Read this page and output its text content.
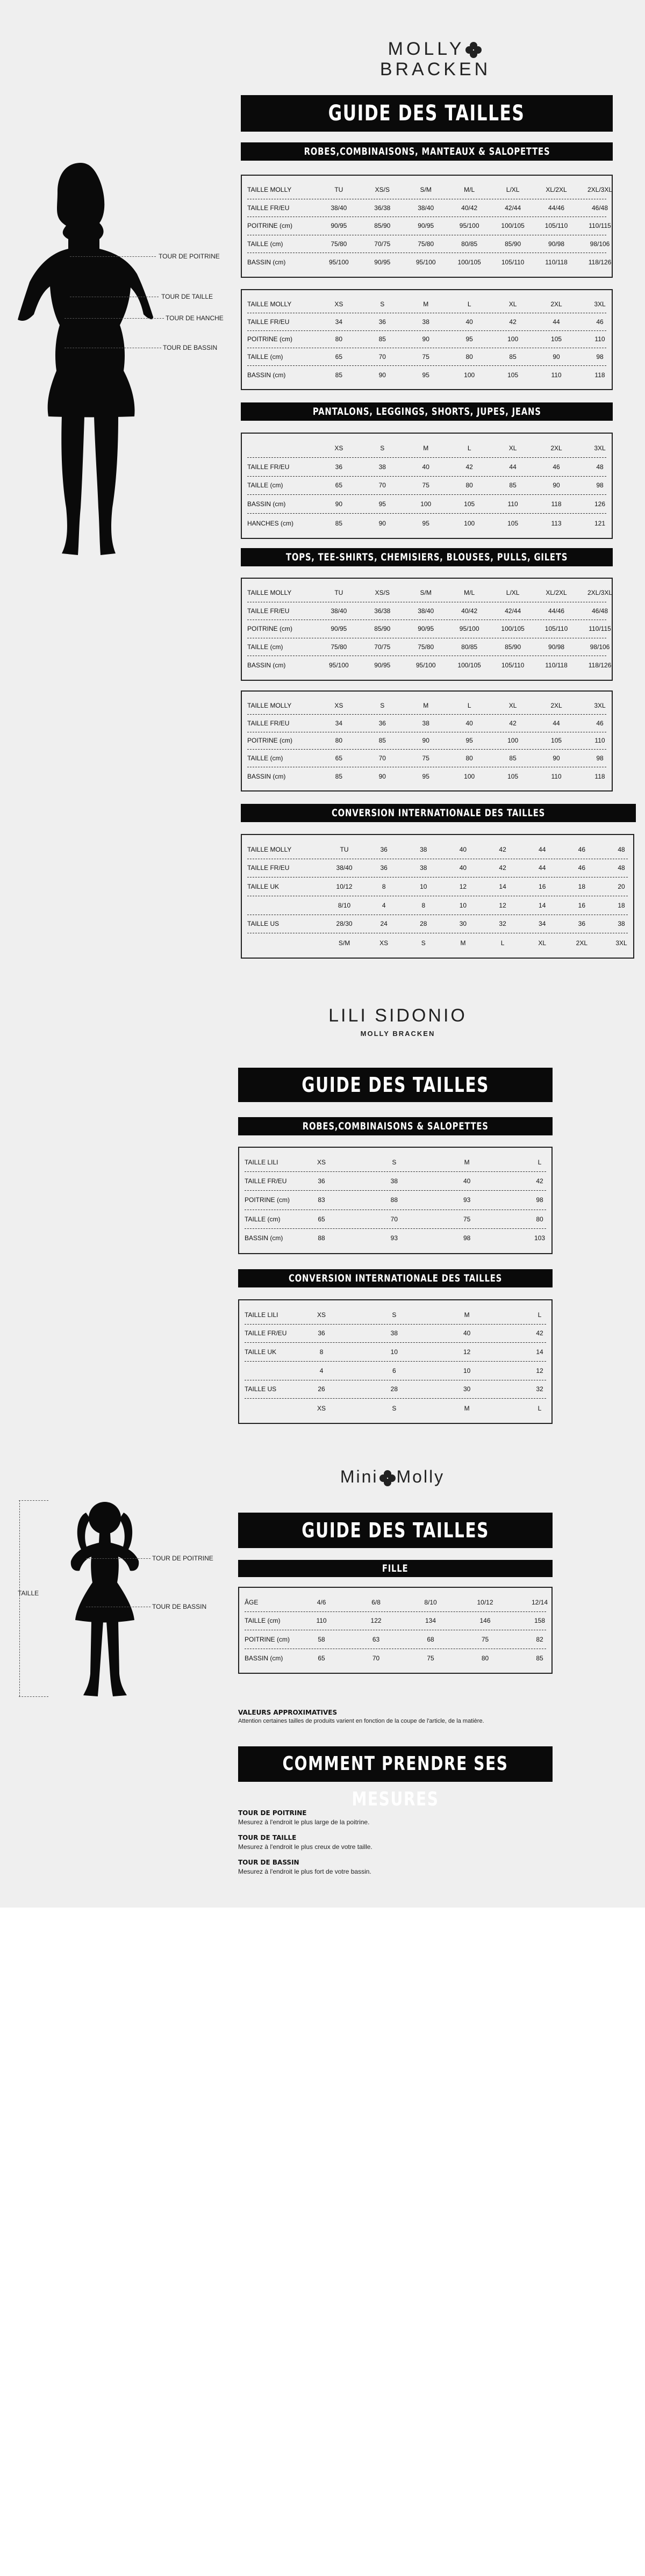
MOLLY
BRACKEN
GUIDE DES TAILLES
TOUR DE POITRINE
TOUR DE TAILLE
TOUR DE HANCHE
TOUR DE BASSIN
ROBES,COMBINAISONS, MANTEAUX & SALOPETTES
TAILLE MOLLY	TU	XS/S	S/M	M/L	L/XL	XL/2XL	2XL/3XL
TAILLE FR/EU	38/40	36/38	38/40	40/42	42/44	44/46	46/48
POITRINE (cm)	90/95	85/90	90/95	95/100	100/105	105/110	110/115
TAILLE (cm)	75/80	70/75	75/80	80/85	85/90	90/98	98/106
BASSIN (cm)	95/100	90/95	95/100	100/105	105/110	110/118	118/126
TAILLE MOLLY	XS	S	M	L	XL	2XL	3XL
TAILLE FR/EU	34	36	38	40	42	44	46
POITRINE (cm)	80	85	90	95	100	105	110
TAILLE (cm)	65	70	75	80	85	90	98
BASSIN (cm)	85	90	95	100	105	110	118
PANTALONS, LEGGINGS, SHORTS, JUPES, JEANS
XS	S	M	L	XL	2XL	3XL
TAILLE FR/EU	36	38	40	42	44	46	48
TAILLE (cm)	65	70	75	80	85	90	98
BASSIN (cm)	90	95	100	105	110	118	126
HANCHES (cm)	85	90	95	100	105	113	121
TOPS, TEE-SHIRTS, CHEMISIERS, BLOUSES, PULLS, GILETS
TAILLE MOLLY	TU	XS/S	S/M	M/L	L/XL	XL/2XL	2XL/3XL
TAILLE FR/EU	38/40	36/38	38/40	40/42	42/44	44/46	46/48
POITRINE (cm)	90/95	85/90	90/95	95/100	100/105	105/110	110/115
TAILLE (cm)	75/80	70/75	75/80	80/85	85/90	90/98	98/106
BASSIN (cm)	95/100	90/95	95/100	100/105	105/110	110/118	118/126
TAILLE MOLLY	XS	S	M	L	XL	2XL	3XL
TAILLE FR/EU	34	36	38	40	42	44	46
POITRINE (cm)	80	85	90	95	100	105	110
TAILLE (cm)	65	70	75	80	85	90	98
BASSIN (cm)	85	90	95	100	105	110	118
CONVERSION INTERNATIONALE DES TAILLES
TAILLE MOLLY	TU	36	38	40	42	44	46	48
TAILLE FR/EU	38/40	36	38	40	42	44	46	48
TAILLE UK	10/12	8	10	12	14	16	18	20
8/10	4	8	10	12	14	16	18
TAILLE US	28/30	24	28	30	32	34	36	38
S/M	XS	S	M	L	XL	2XL	3XL
LILI SIDONIO
MOLLY BRACKEN
GUIDE DES TAILLES
ROBES,COMBINAISONS & SALOPETTES
TAILLE LILI	XS	S	M	L
TAILLE FR/EU	36	38	40	42
POITRINE (cm)	83	88	93	98
TAILLE (cm)	65	70	75	80
BASSIN (cm)	88	93	98	103
CONVERSION INTERNATIONALE DES TAILLES
TAILLE LILI	XS	S	M	L
TAILLE FR/EU	36	38	40	42
TAILLE UK	8	10	12	14
4	6	10	12
TAILLE US	26	28	30	32
XS	S	M	L
Mini Molly
GUIDE DES TAILLES
FILLE
ÂGE	4/6	6/8	8/10	10/12	12/14
TAILLE (cm)	110	122	134	146	158
POITRINE (cm)	58	63	68	75	82
BASSIN (cm)	65	70	75	80	85
TAILLE
TOUR DE POITRINE
TOUR DE BASSIN
VALEURS APPROXIMATIVES
Attention certaines tailles de produits varient en fonction de la coupe de l'article, de la matière.
COMMENT PRENDRE SES MESURES
TOUR DE POITRINE
Mesurez à l'endroit le plus large de la poitrine.
TOUR DE TAILLE
Mesurez à l'endroit le plus creux de votre taille.
TOUR DE BASSIN
Mesurez à l'endroit le plus fort de votre bassin.
